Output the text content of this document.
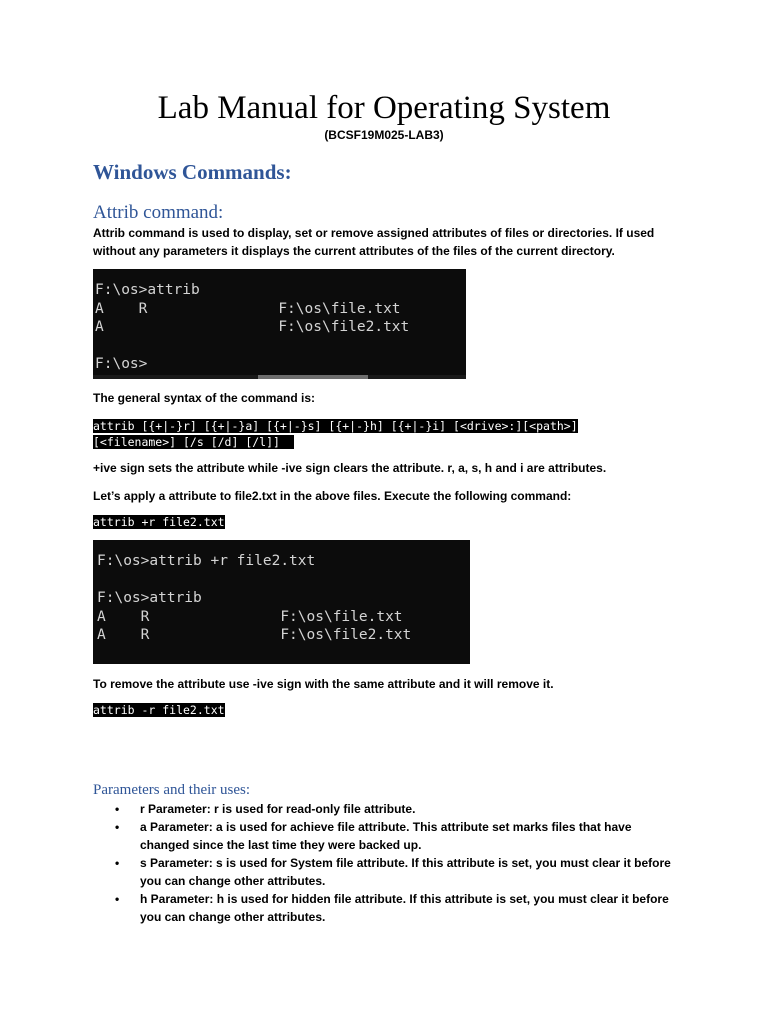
Lab Manual for Operating System
(BCSF19M025-LAB3)
Windows Commands:
Attrib command:
Attrib command is used to display, set or remove assigned attributes of files or directories. If used without any parameters it displays the current attributes of the files of the current directory.
F:\os>attrib
A    R               F:\os\file.txt
A                    F:\os\file2.txt
F:\os>
The general syntax of the command is:
attrib [{+|-}r] [{+|-}a] [{+|-}s] [{+|-}h] [{+|-}i] [<drive>:][<path>]
[<filename>] [/s [/d] [/l]]
+ive sign sets the attribute while -ive sign clears the attribute. r, a, s, h and i are attributes.
Let’s apply a attribute to file2.txt in the above files. Execute the following command:
attrib +r file2.txt
F:\os>attrib +r file2.txt
F:\os>attrib
A    R               F:\os\file.txt
A    R               F:\os\file2.txt
To remove the attribute use -ive sign with the same attribute and it will remove it.
attrib -r file2.txt
Parameters and their uses:
• r Parameter: r is used for read-only file attribute.
• a Parameter: a is used for achieve file attribute. This attribute set marks files that have changed since the last time they were backed up.
• s Parameter: s is used for System file attribute. If this attribute is set, you must clear it before you can change other attributes.
• h Parameter: h is used for hidden file attribute. If this attribute is set, you must clear it before you can change other attributes.
